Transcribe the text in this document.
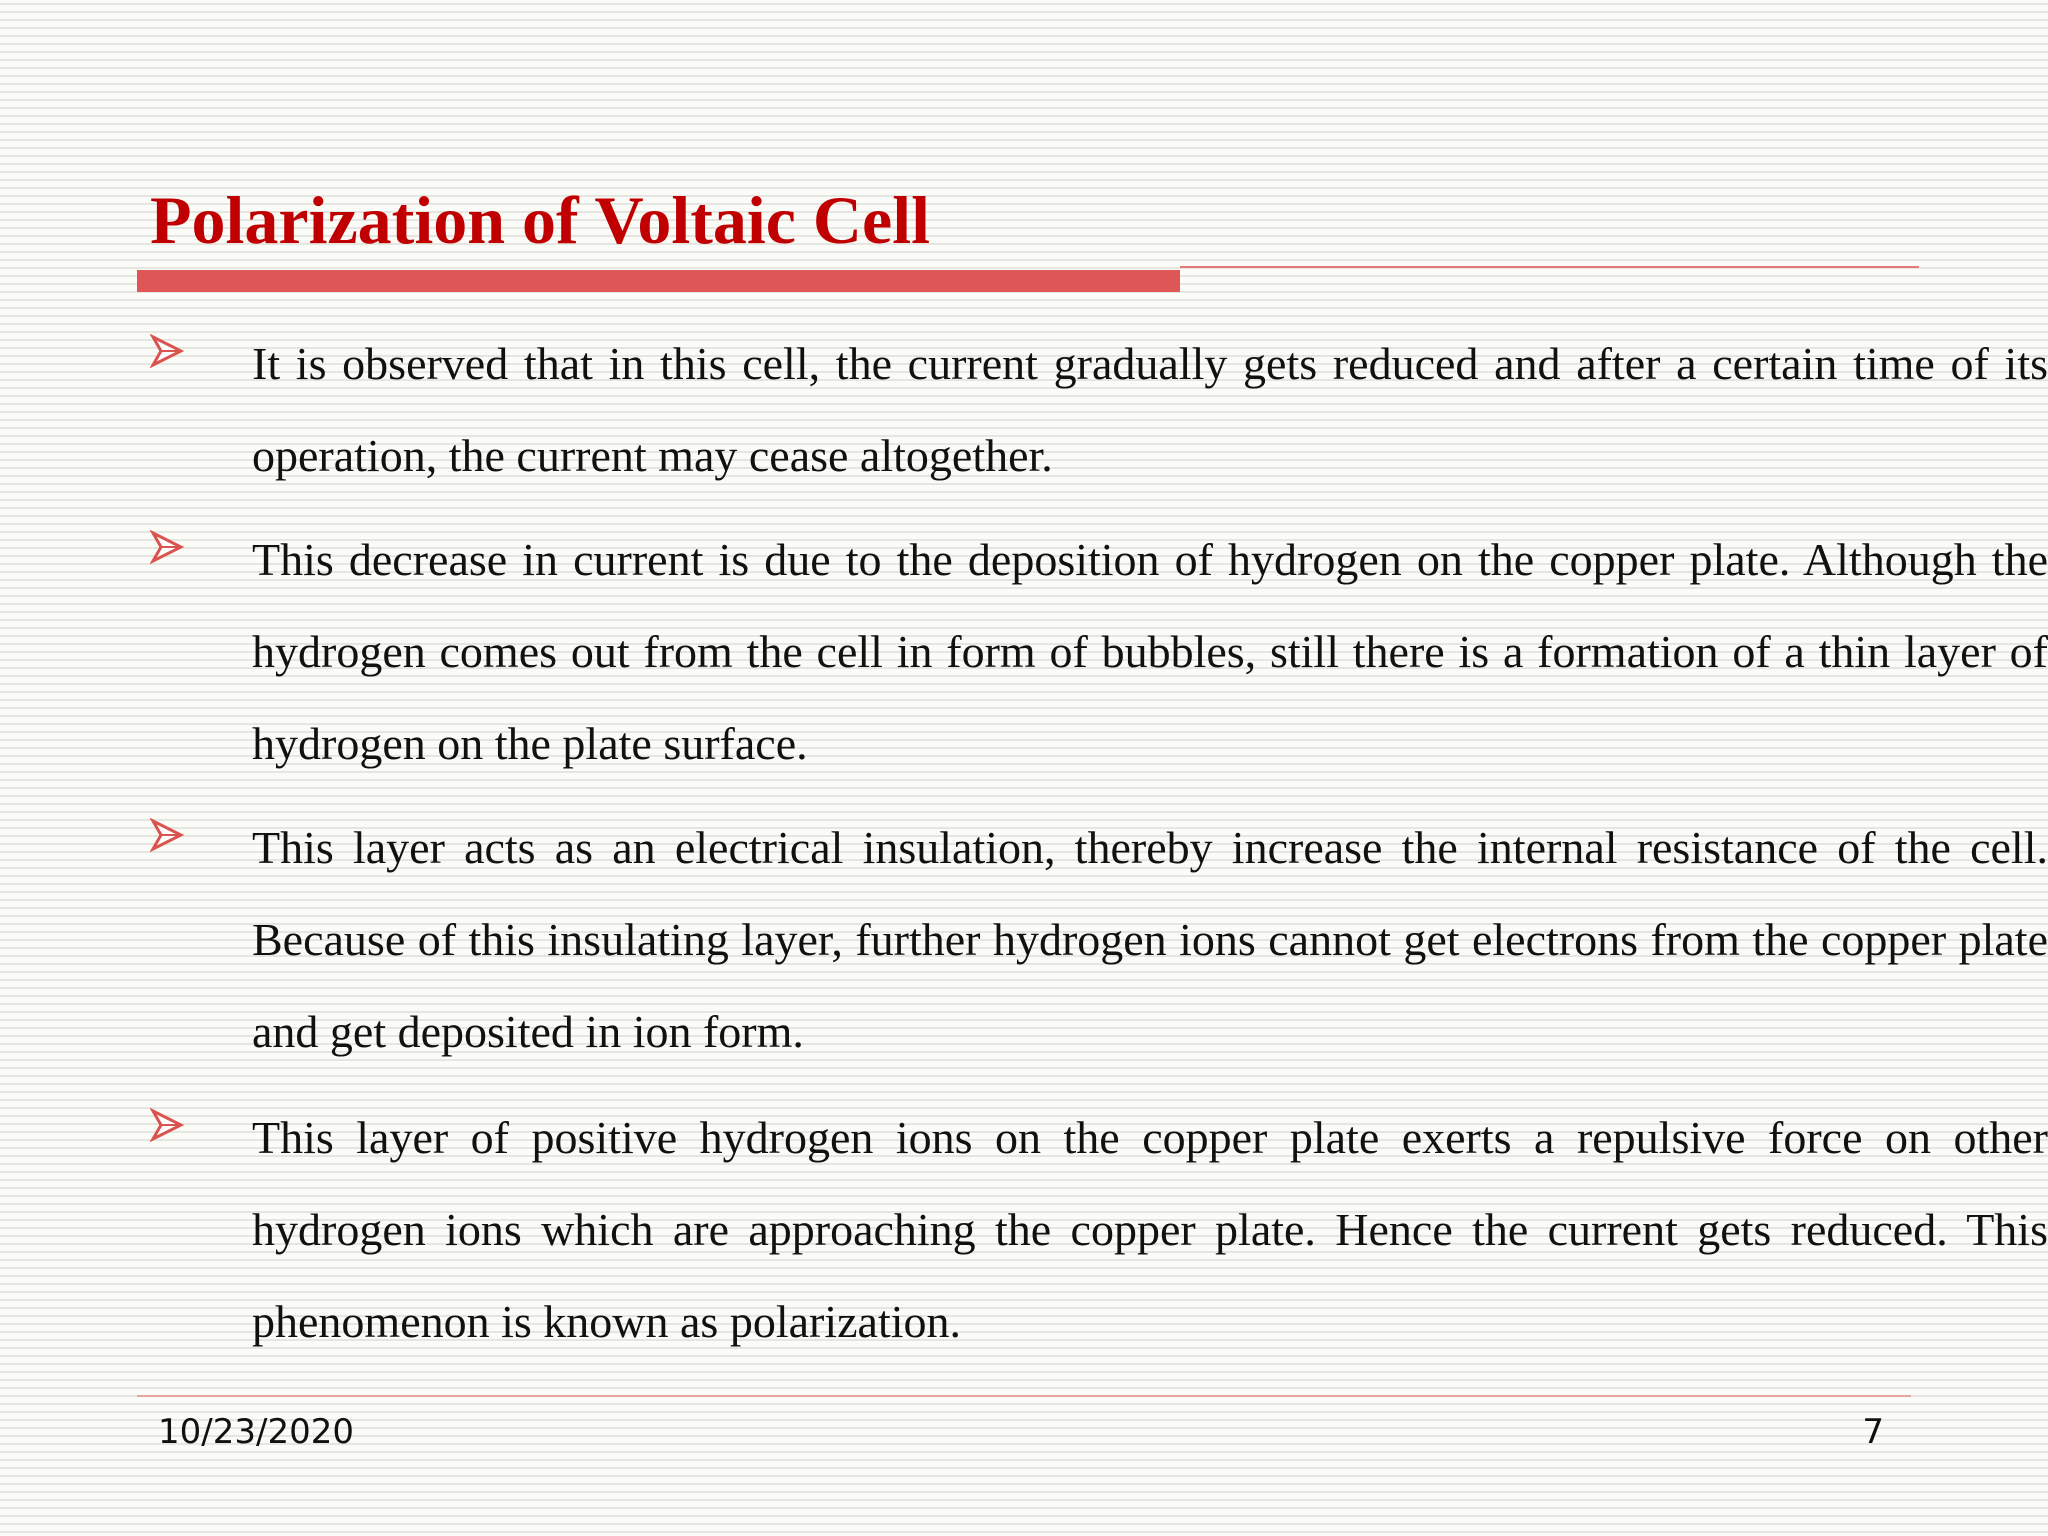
Polarization of Voltaic Cell
It is observed that in this cell, the current gradually gets reduced and after a certain time of its operation, the current may cease altogether.
This decrease in current is due to the deposition of hydrogen on the copper plate. Although the hydrogen comes out from the cell in form of bubbles, still there is a formation of a thin layer of hydrogen on the plate surface.
This layer acts as an electrical insulation, thereby increase the internal resistance of the cell. Because of this insulating layer, further hydrogen ions cannot get electrons from the copper plate and get deposited in ion form.
This layer of positive hydrogen ions on the copper plate exerts a repulsive force on other hydrogen ions which are approaching the copper plate. Hence the current gets reduced. This phenomenon is known as polarization.
10/23/2020	7
